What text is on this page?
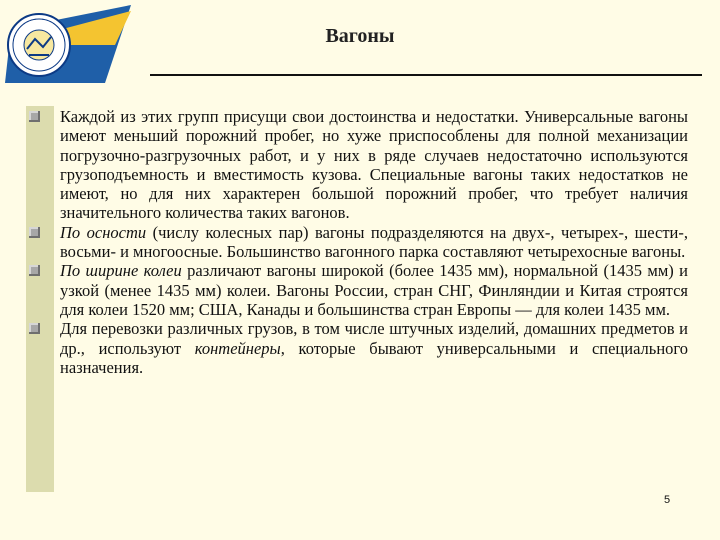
Вагоны
Каждой из этих групп присущи свои достоинства и недостатки. Универсальные вагоны имеют меньший порожний пробег, но хуже приспособлены для полной механизации погрузочно-разгрузочных работ, и у них в ряде случаев недостаточно используются грузоподъемность и вместимость кузова. Специальные вагоны таких недостатков не имеют, но для них характерен большой порожний пробег, что требует наличия значительного количества таких вагонов.
По осности (числу колесных пар) вагоны подразделяются на двух-, четырех-, шести-, восьми- и многоосные. Большинство вагонного парка составляют четырехосные вагоны.
По ширине колеи различают вагоны широкой (более 1435 мм), нормальной (1435 мм) и узкой (менее 1435 мм) колеи. Вагоны России, стран СНГ, Финляндии и Китая строятся для колеи 1520 мм; США, Канады и большинства стран Европы — для колеи 1435 мм.
Для перевозки различных грузов, в том числе штучных изделий, домашних предметов и др., используют контейнеры, которые бывают универсальными и специального назначения.
5
